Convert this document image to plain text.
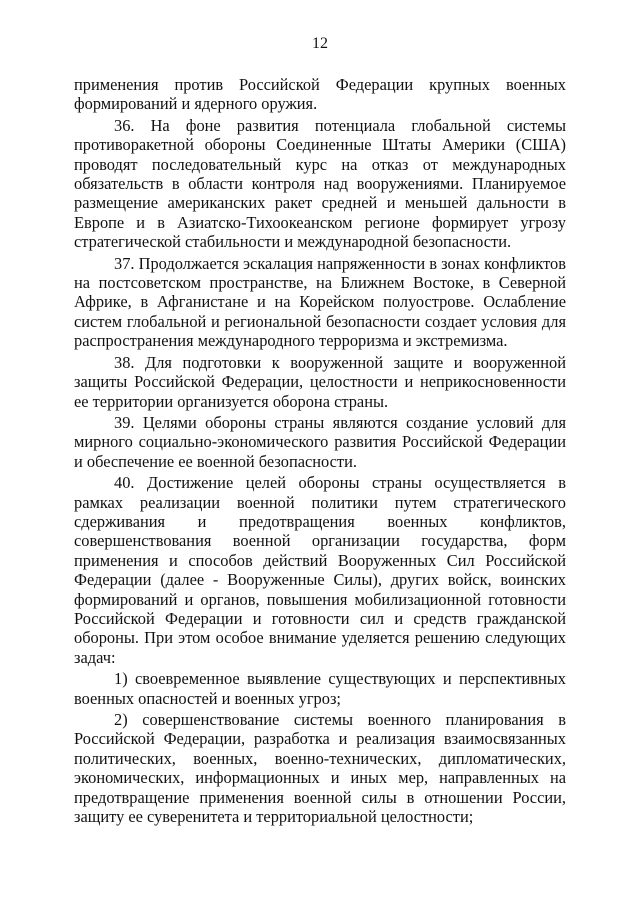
12

применения против Российской Федерации крупных военных формирований и ядерного оружия.

36. На фоне развития потенциала глобальной системы противоракетной обороны Соединенные Штаты Америки (США) проводят последовательный курс на отказ от международных обязательств в области контроля над вооружениями. Планируемое размещение американских ракет средней и меньшей дальности в Европе и в Азиатско-Тихоокеанском регионе формирует угрозу стратегической стабильности и международной безопасности.

37. Продолжается эскалация напряженности в зонах конфликтов на постсоветском пространстве, на Ближнем Востоке, в Северной Африке, в Афганистане и на Корейском полуострове. Ослабление систем глобальной и региональной безопасности создает условия для распространения международного терроризма и экстремизма.

38. Для подготовки к вооруженной защите и вооруженной защиты Российской Федерации, целостности и неприкосновенности ее территории организуется оборона страны.

39. Целями обороны страны являются создание условий для мирного социально-экономического развития Российской Федерации и обеспечение ее военной безопасности.

40. Достижение целей обороны страны осуществляется в рамках реализации военной политики путем стратегического сдерживания и предотвращения военных конфликтов, совершенствования военной организации государства, форм применения и способов действий Вооруженных Сил Российской Федерации (далее - Вооруженные Силы), других войск, воинских формирований и органов, повышения мобилизационной готовности Российской Федерации и готовности сил и средств гражданской обороны. При этом особое внимание уделяется решению следующих задач:

1) своевременное выявление существующих и перспективных военных опасностей и военных угроз;

2) совершенствование системы военного планирования в Российской Федерации, разработка и реализация взаимосвязанных политических, военных, военно-технических, дипломатических, экономических, информационных и иных мер, направленных на предотвращение применения военной силы в отношении России, защиту ее суверенитета и территориальной целостности;
